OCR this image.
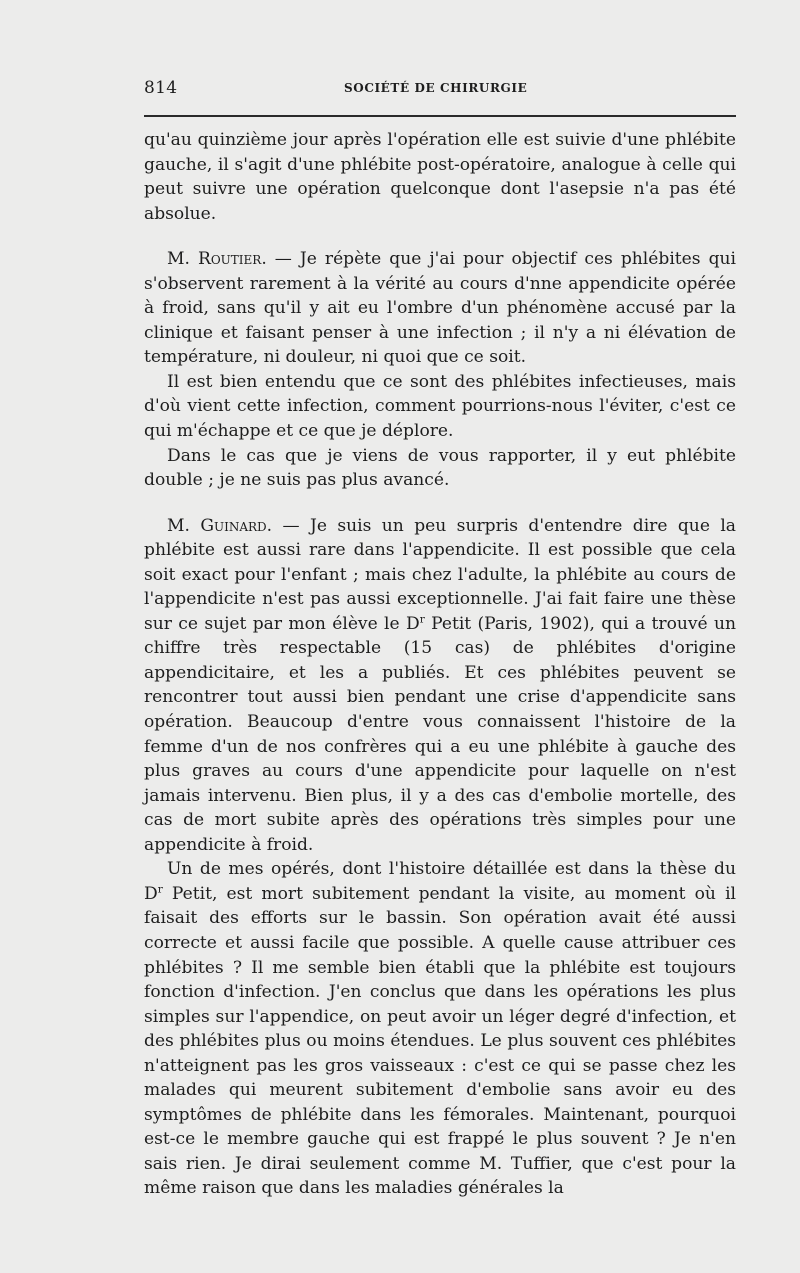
814	SOCIÉTÉ DE CHIRURGIE

qu'au quinzième jour après l'opération elle est suivie d'une phlébite gauche, il s'agit d'une phlébite post-opératoire, analogue à celle qui peut suivre une opération quelconque dont l'asepsie n'a pas été absolue.

M. Routier. — Je répète que j'ai pour objectif ces phlébites qui s'observent rarement à la vérité au cours d'nne appendicite opérée à froid, sans qu'il y ait eu l'ombre d'un phénomène accusé par la clinique et faisant penser à une infection ; il n'y a ni élévation de température, ni douleur, ni quoi que ce soit.

Il est bien entendu que ce sont des phlébites infectieuses, mais d'où vient cette infection, comment pourrions-nous l'éviter, c'est ce qui m'échappe et ce que je déplore.

Dans le cas que je viens de vous rapporter, il y eut phlébite double ; je ne suis pas plus avancé.

M. Guinard. — Je suis un peu surpris d'entendre dire que la phlébite est aussi rare dans l'appendicite. Il est possible que cela soit exact pour l'enfant ; mais chez l'adulte, la phlébite au cours de l'appendicite n'est pas aussi exceptionnelle. J'ai fait faire une thèse sur ce sujet par mon élève le $D^r$ Petit (Paris, 1902), qui a trouvé un chiffre très respectable (15 cas) de phlébites d'origine appendicitaire, et les a publiés. Et ces phlébites peuvent se rencontrer tout aussi bien pendant une crise d'appendicite sans opération. Beaucoup d'entre vous connaissent l'histoire de la femme d'un de nos confrères qui a eu une phlébite à gauche des plus graves au cours d'une appendicite pour laquelle on n'est jamais intervenu. Bien plus, il y a des cas d'embolie mortelle, des cas de mort subite après des opérations très simples pour une appendicite à froid.

Un de mes opérés, dont l'histoire détaillée est dans la thèse du $D^r$ Petit, est mort subitement pendant la visite, au moment où il faisait des efforts sur le bassin. Son opération avait été aussi correcte et aussi facile que possible. A quelle cause attribuer ces phlébites ? Il me semble bien établi que la phlébite est toujours fonction d'infection. J'en conclus que dans les opérations les plus simples sur l'appendice, on peut avoir un léger degré d'infection, et des phlébites plus ou moins étendues. Le plus souvent ces phlébites n'atteignent pas les gros vaisseaux : c'est ce qui se passe chez les malades qui meurent subitement d'embolie sans avoir eu des symptômes de phlébite dans les fémorales. Maintenant, pourquoi est-ce le membre gauche qui est frappé le plus souvent ? Je n'en sais rien. Je dirai seulement comme M. Tuffier, que c'est pour la même raison que dans les maladies générales la
